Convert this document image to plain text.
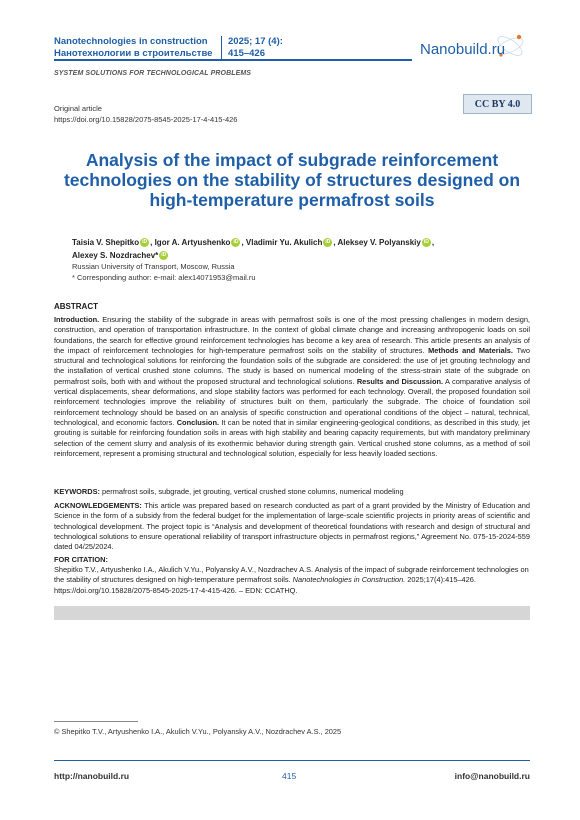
Nanotechnologies in construction
Нанотехнологии в строительстве
2025; 17 (4):
415–426	Nanobuild.ru
SYSTEM SOLUTIONS FOR TECHNOLOGICAL PROBLEMS
CC BY 4.0
Original article
https://doi.org/10.15828/2075-8545-2025-17-4-415-426
Analysis of the impact of subgrade reinforcement technologies on the stability of structures designed on high-temperature permafrost soils
Taisia V. Shepitko iD , Igor A. Artyushenko iD , Vladimir Yu. Akulich iD , Aleksey V. Polyanskiy iD ,
Alexey S. Nozdrachev* iD
Russian University of Transport, Moscow, Russia
* Corresponding author: e-mail: alex14071953@mail.ru
ABSTRACT
Introduction. Ensuring the stability of the subgrade in areas with permafrost soils is one of the most pressing challenges in modern design, construction, and operation of transportation infrastructure. In the context of global climate change and increasing anthropogenic loads on soil foundations, the search for effective ground reinforcement technologies has become a key area of research. This article presents an analysis of the impact of reinforcement technologies for high-temperature permafrost soils on the stability of structures. Methods and Materials. Two structural and technological solutions for reinforcing the foundation soils of the subgrade are considered: the use of jet grouting technology and the installation of vertical crushed stone columns. The study is based on numerical modeling of the stress-strain state of the subgrade on permafrost soils, both with and without the proposed structural and technological solutions. Results and Discussion. A comparative analysis of vertical displacements, shear deformations, and slope stability factors was performed for each technology. Overall, the proposed foundation soil reinforcement technologies improve the reliability of structures built on them, particularly the subgrade. The choice of foundation soil reinforcement technology should be based on an analysis of specific construction and operational conditions of the object – natural, technical, technological, and economic factors. Conclusion. It can be noted that in similar engineering-geological conditions, as described in this study, jet grouting is suitable for reinforcing foundation soils in areas with high stability and bearing capacity requirements, but with mandatory preliminary selection of the cement slurry and analysis of its exothermic behavior during strength gain. Vertical crushed stone columns, as a method of soil reinforcement, represent a promising structural and technological solution, especially for less heavily loaded sections.
KEYWORDS: permafrost soils, subgrade, jet grouting, vertical crushed stone columns, numerical modeling
ACKNOWLEDGEMENTS: This article was prepared based on research conducted as part of a grant provided by the Ministry of Education and Science in the form of a subsidy from the federal budget for the implementation of large-scale scientific projects in priority areas of scientific and technological development. The project topic is “Analysis and development of theoretical foundations with research and design of structural and technological solutions to ensure operational reliability of transport infrastructure objects in permafrost regions,” Agreement No. 075-15-2024-559 dated 04/25/2024.
FOR CITATION:
Shepitko T.V., Artyushenko I.A., Akulich V.Yu., Polyansky A.V., Nozdrachev A.S. Analysis of the impact of subgrade reinforcement technologies on the stability of structures designed on high-temperature permafrost soils. Nanotechnologies in Construction. 2025;17(4):415–426. https://doi.org/10.15828/2075-8545-2025-17-4-415-426. – EDN: CCATHQ.
© Shepitko T.V., Artyushenko I.A., Akulich V.Yu., Polyansky A.V., Nozdrachev A.S., 2025
http://nanobuild.ru	415	info@nanobuild.ru
